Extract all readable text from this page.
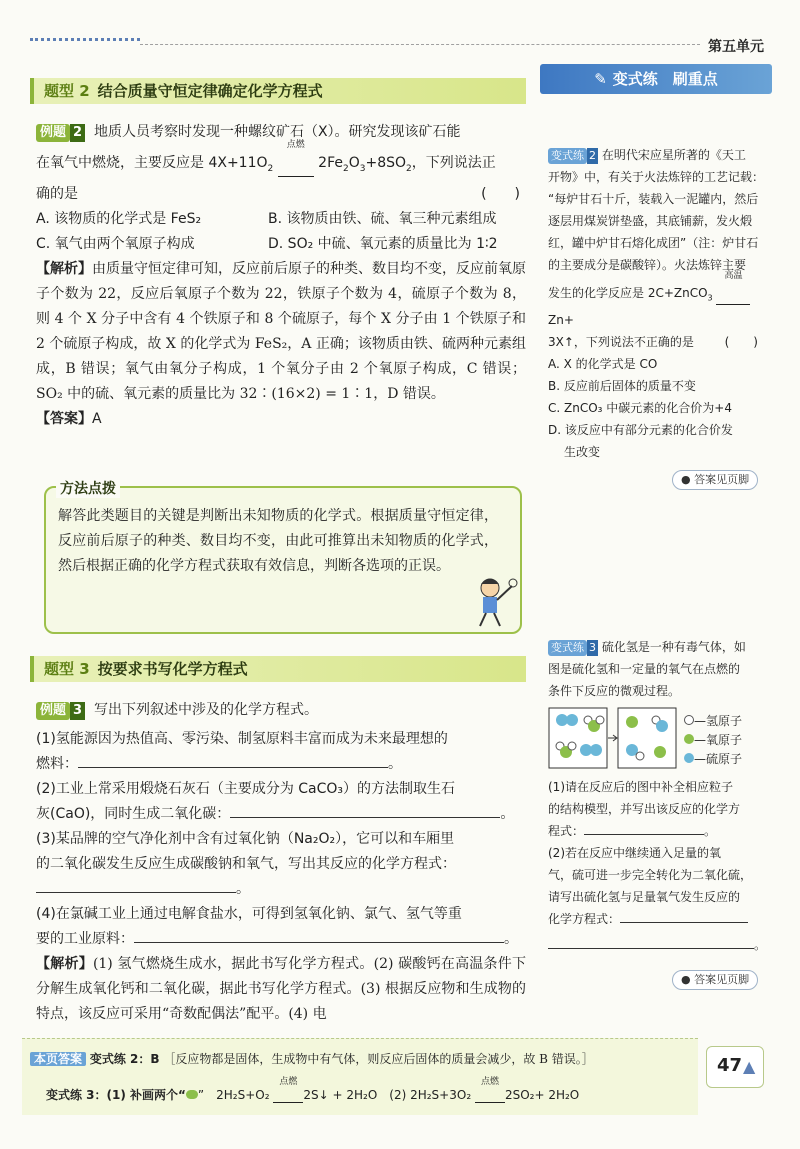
第五单元
题型 2 结合质量守恒定律确定化学方程式
例题 2 地质人员考察时发现一种螺纹矿石（X）。研究发现该矿石能
在氧气中燃烧，主要反应是 $4X+11O_2$
点燃
$2Fe_2O_3+8SO_2$，下列说法正
确的是	(　　)
A. 该物质的化学式是 FeS₂	B. 该物质由铁、硫、氧三种元素组成
C. 氧气由两个氧原子构成	D. SO₂ 中硫、氧元素的质量比为 1∶2
【解析】由质量守恒定律可知，反应前后原子的种类、数目均不变，反应前氧原子个数为 22，反应后氧原子个数为 22，铁原子个数为 4，硫原子个数为 8，则 4 个 X 分子中含有 4 个铁原子和 8 个硫原子，每个 X 分子由 1 个铁原子和 2 个硫原子构成，故 X 的化学式为 FeS₂，A 正确；该物质由铁、硫两种元素组成，B 错误；氧气由氧分子构成，1 个氧分子由 2 个氧原子构成，C 错误；SO₂ 中的硫、氧元素的质量比为 32∶(16×2) = 1∶1，D 错误。
【答案】A
方法点拨
解答此类题目的关键是判断出未知物质的化学式。根据质量守恒定律，反应前后原子的种类、数目均不变，由此可推算出未知物质的化学式，然后根据正确的化学方程式获取有效信息，判断各选项的正误。
题型 3 按要求书写化学方程式
例题 3 写出下列叙述中涉及的化学方程式。
(1)氢能源因为热值高、零污染、制氢原料丰富而成为未来最理想的
燃料：	。
(2)工业上常采用煅烧石灰石（主要成分为 CaCO₃）的方法制取生石
灰(CaO)，同时生成二氧化碳：	。
(3)某品牌的空气净化剂中含有过氧化钠（Na₂O₂），它可以和车厢里
的二氧化碳发生反应生成碳酸钠和氧气，写出其反应的化学方程式：
。
(4)在氯碱工业上通过电解食盐水，可得到氢氧化钠、氯气、氢气等重
要的工业原料：	。
【解析】(1) 氢气燃烧生成水，据此书写化学方程式。(2) 碳酸钙在高温条件下分解生成氧化钙和二氧化碳，据此书写化学方程式。(3) 根据反应物和生成物的特点，该反应可采用“奇数配偶法”配平。(4) 电
✎ 变式练　刷重点
变式练 2 在明代宋应星所著的《天工
开物》中，有关于火法炼锌的工艺记载：
“每炉甘石十斤，装载入一泥罐内，然后
逐层用煤炭饼垫盛，其底铺薪，发火煅
红，罐中炉甘石熔化成团”（注：炉甘石
的主要成分是碳酸锌）。火法炼锌主要
发生的化学反应是 2C+ZnCO$_3$
高温
Zn+
3X↑，下列说法不正确的是	(　　)
A. X 的化学式是 CO
B. 反应前后固体的质量不变
C. ZnCO₃ 中碳元素的化合价为+4
D. 该反应中有部分元素的化合价发
生改变
● 答案见页脚
变式练 3 硫化氢是一种有毒气体，如
图是硫化氢和一定量的氧气在点燃的
条件下反应的微观过程。
—氢原子
—氧原子
—硫原子
(1)请在反应后的图中补全相应粒子
的结构模型，并写出该反应的化学方
程式：	。
(2)若在反应中继续通入足量的氧
气，硫可进一步完全转化为二氧化硫，
请写出硫化氢与足量氧气发生反应的
化学方程式：
。
● 答案见页脚
本页答案 变式练 2：B ［反应物都是固体，生成物中有气体，则反应后固体的质量会减少，故 B 错误。］
变式练 3：(1) 补画两个“ ”　2H₂S+O₂
点燃
2S↓ + 2H₂O　(2) 2H₂S+3O₂
点燃
2SO₂+ 2H₂O
47 ▲
